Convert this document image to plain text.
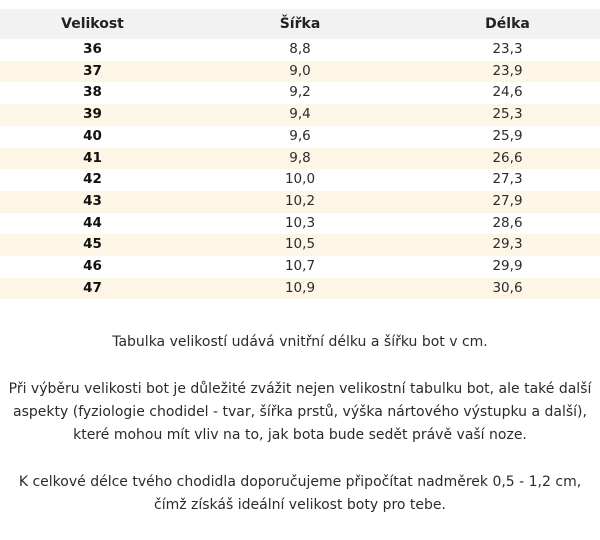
Velikost	Šířka	Délka
36	8,8	23,3
37	9,0	23,9
38	9,2	24,6
39	9,4	25,3
40	9,6	25,9
41	9,8	26,6
42	10,0	27,3
43	10,2	27,9
44	10,3	28,6
45	10,5	29,3
46	10,7	29,9
47	10,9	30,6

Tabulka velikostí udává vnitřní délku a šířku bot v cm.

Při výběru velikosti bot je důležité zvážit nejen velikostní tabulku bot, ale také další aspekty (fyziologie chodidel - tvar, šířka prstů, výška nártového výstupku a další), které mohou mít vliv na to, jak bota bude sedět právě vaší noze.

K celkové délce tvého chodidla doporučujeme připočítat nadměrek 0,5 - 1,2 cm, čímž získáš ideální velikost boty pro tebe.
